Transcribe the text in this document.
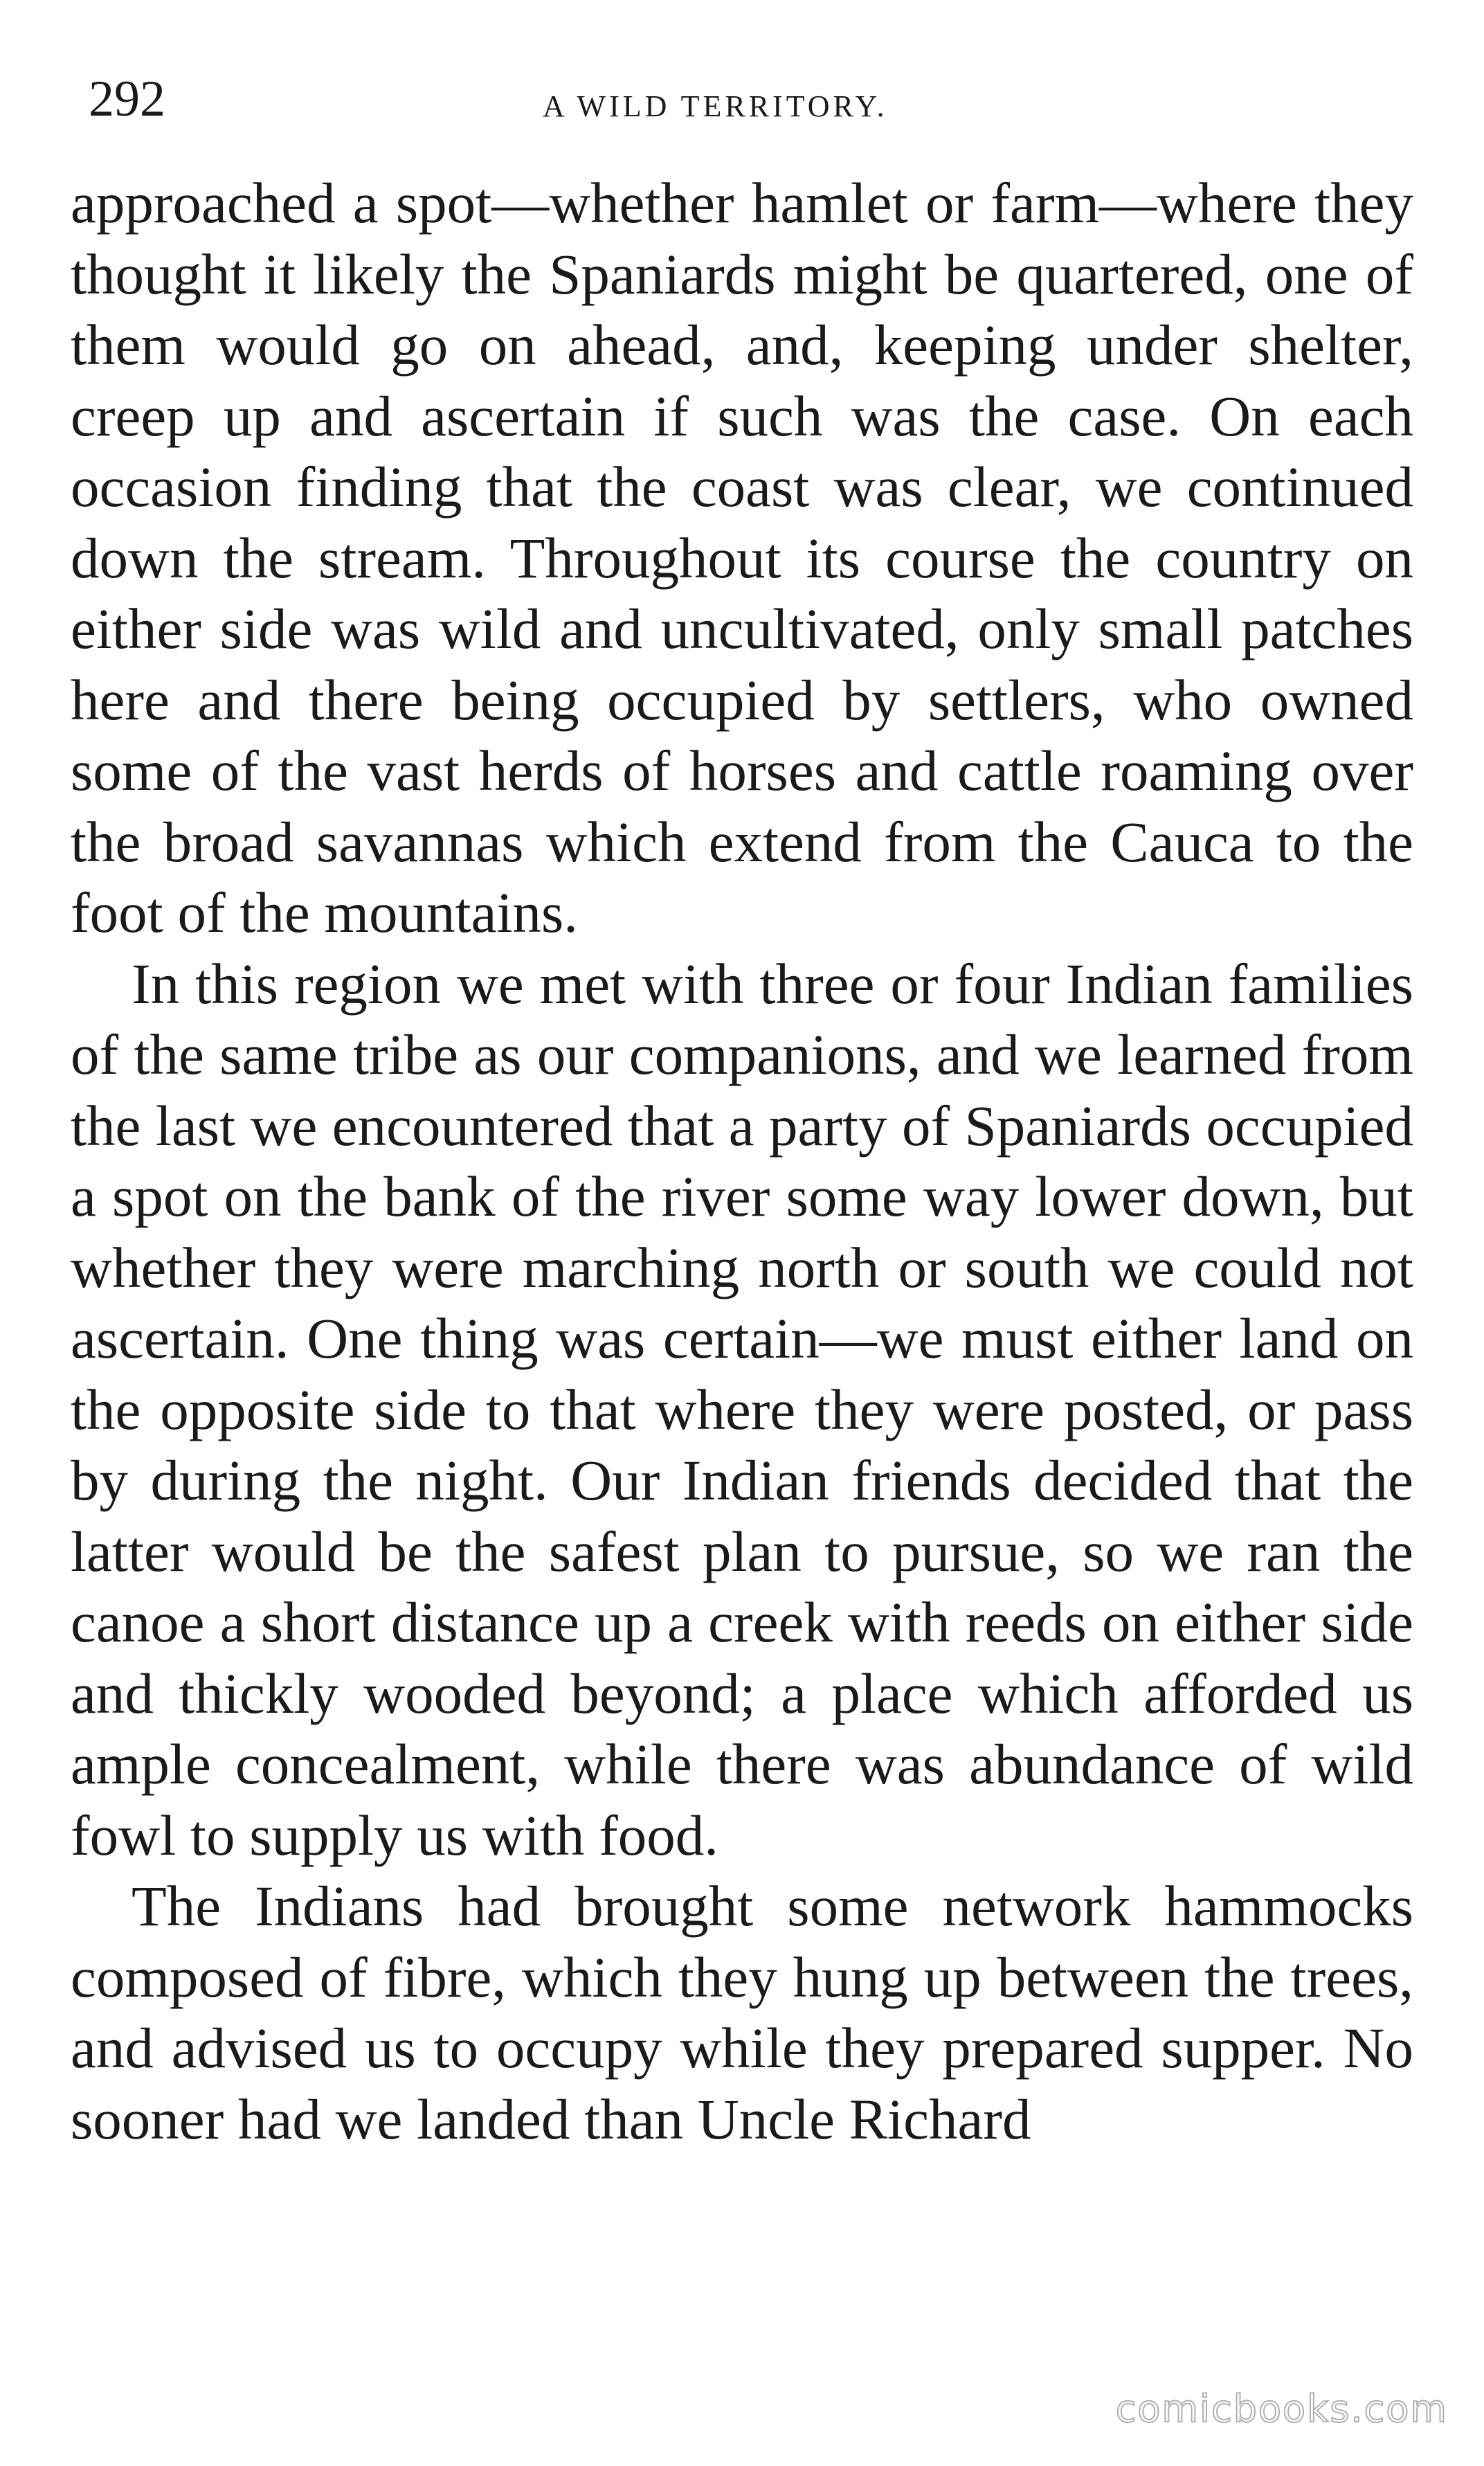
292	A WILD TERRITORY.

approached a spot—whether hamlet or farm—where they thought it likely the Spaniards might be quartered, one of them would go on ahead, and, keeping under shelter, creep up and ascertain if such was the case. On each occasion finding that the coast was clear, we continued down the stream. Throughout its course the country on either side was wild and uncultivated, only small patches here and there being occupied by settlers, who owned some of the vast herds of horses and cattle roaming over the broad savannas which extend from the Cauca to the foot of the mountains.

In this region we met with three or four Indian families of the same tribe as our companions, and we learned from the last we encountered that a party of Spaniards occupied a spot on the bank of the river some way lower down, but whether they were marching north or south we could not ascertain. One thing was certain—we must either land on the opposite side to that where they were posted, or pass by during the night. Our Indian friends decided that the latter would be the safest plan to pursue, so we ran the canoe a short distance up a creek with reeds on either side and thickly wooded beyond; a place which afforded us ample concealment, while there was abundance of wild fowl to supply us with food.

The Indians had brought some network hammocks composed of fibre, which they hung up between the trees, and advised us to occupy while they prepared supper. No sooner had we landed than Uncle Richard

comicbooks.com
